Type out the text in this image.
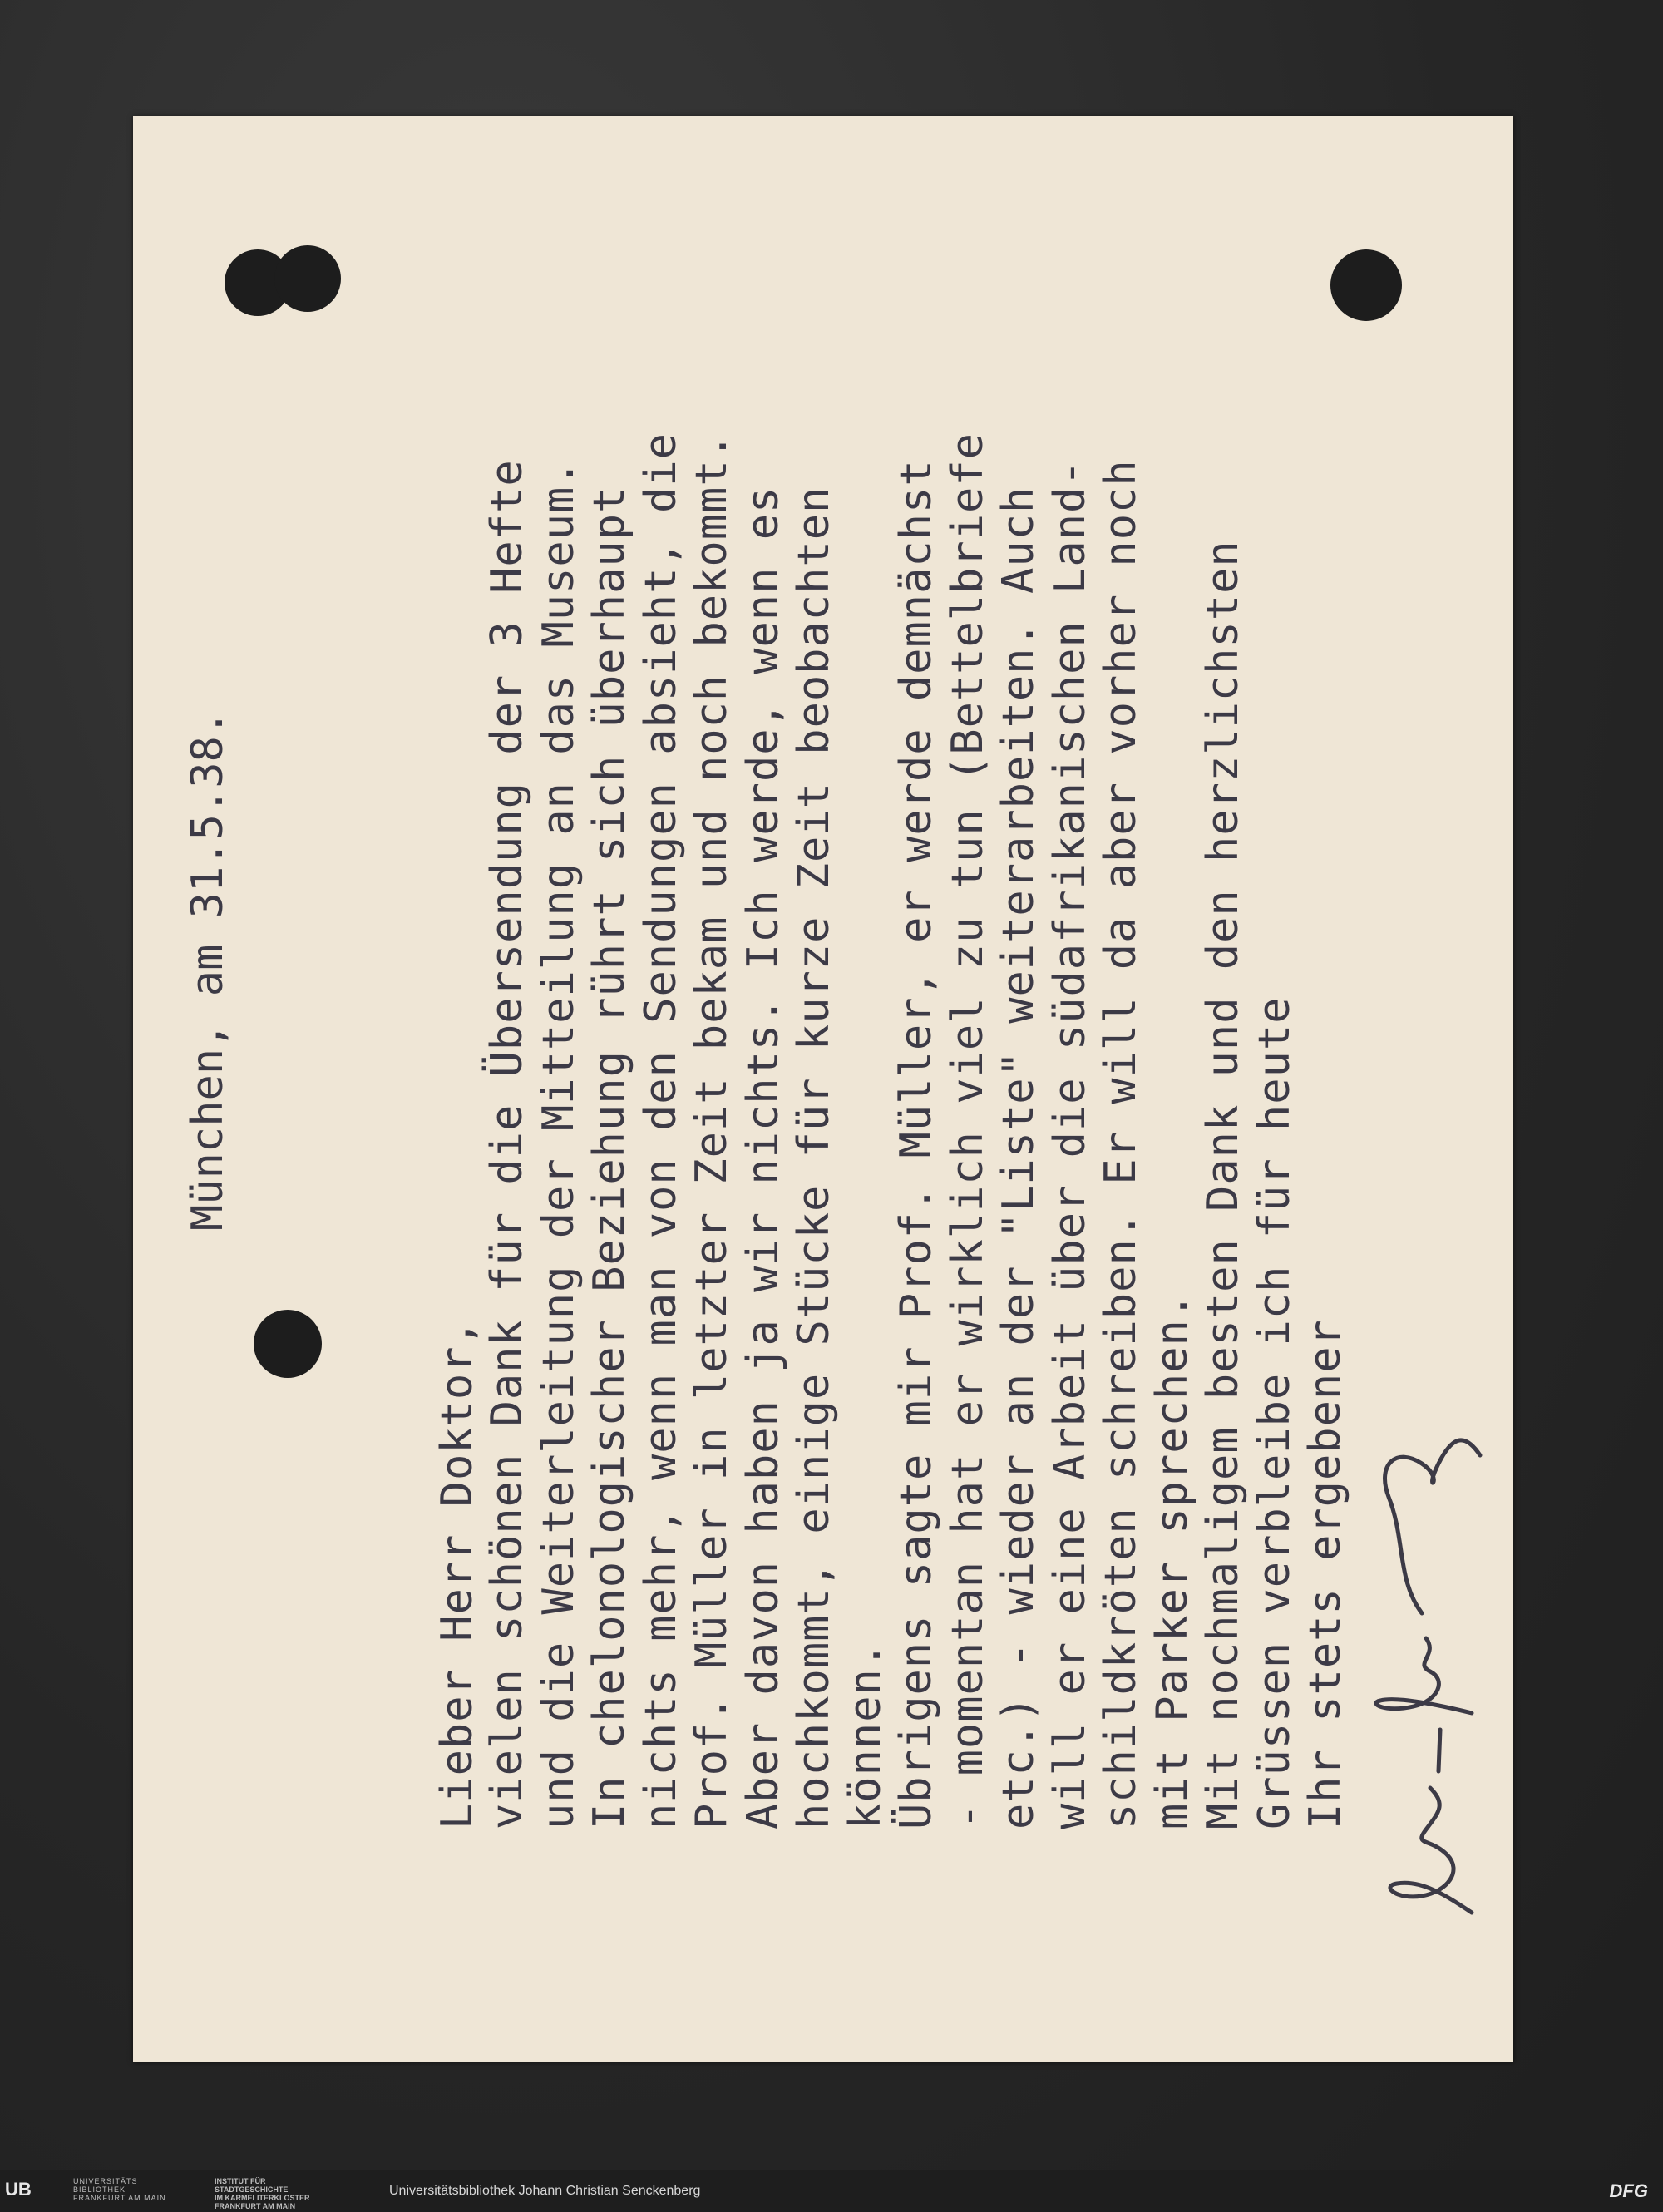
München, am 31.5.38.
Lieber Herr Doktor, vielen schönen Dank für die Übersendung der 3 Hefte und die Weiterleitung der Mitteilung an das Museum. In chelonologischer Beziehung rührt sich überhaupt nichts mehr, wenn man von den Sendungen absieht, die Prof. Müller in letzter Zeit bekam und noch bekommt. Aber davon haben ja wir nichts. Ich werde, wenn es hochkommt, einige Stücke für kurze Zeit beobachten können. Übrigens sagte mir Prof. Müller, er werde demnächst - momentan hat er wirklich viel zu tun (Bettelbriefe etc.) - wieder an der "Liste" weiterarbeiten. Auch will er eine Arbeit über die südafrikanischen Land- schildkröten schreiben. Er will da aber vorher noch mit Parker sprechen. Mit nochmaligem besten Dank und den herzlichsten Grüssen verbleibe ich für heute Ihr stets ergebener
UB	UNIVERSITÄTS
BIBLIOTHEK
FRANKFURT AM MAIN
INSTITUT FÜR
STADTGESCHICHTE
IM KARMELITERKLOSTER
FRANKFURT AM MAIN
Universitätsbibliothek Johann Christian Senckenberg	DFG
